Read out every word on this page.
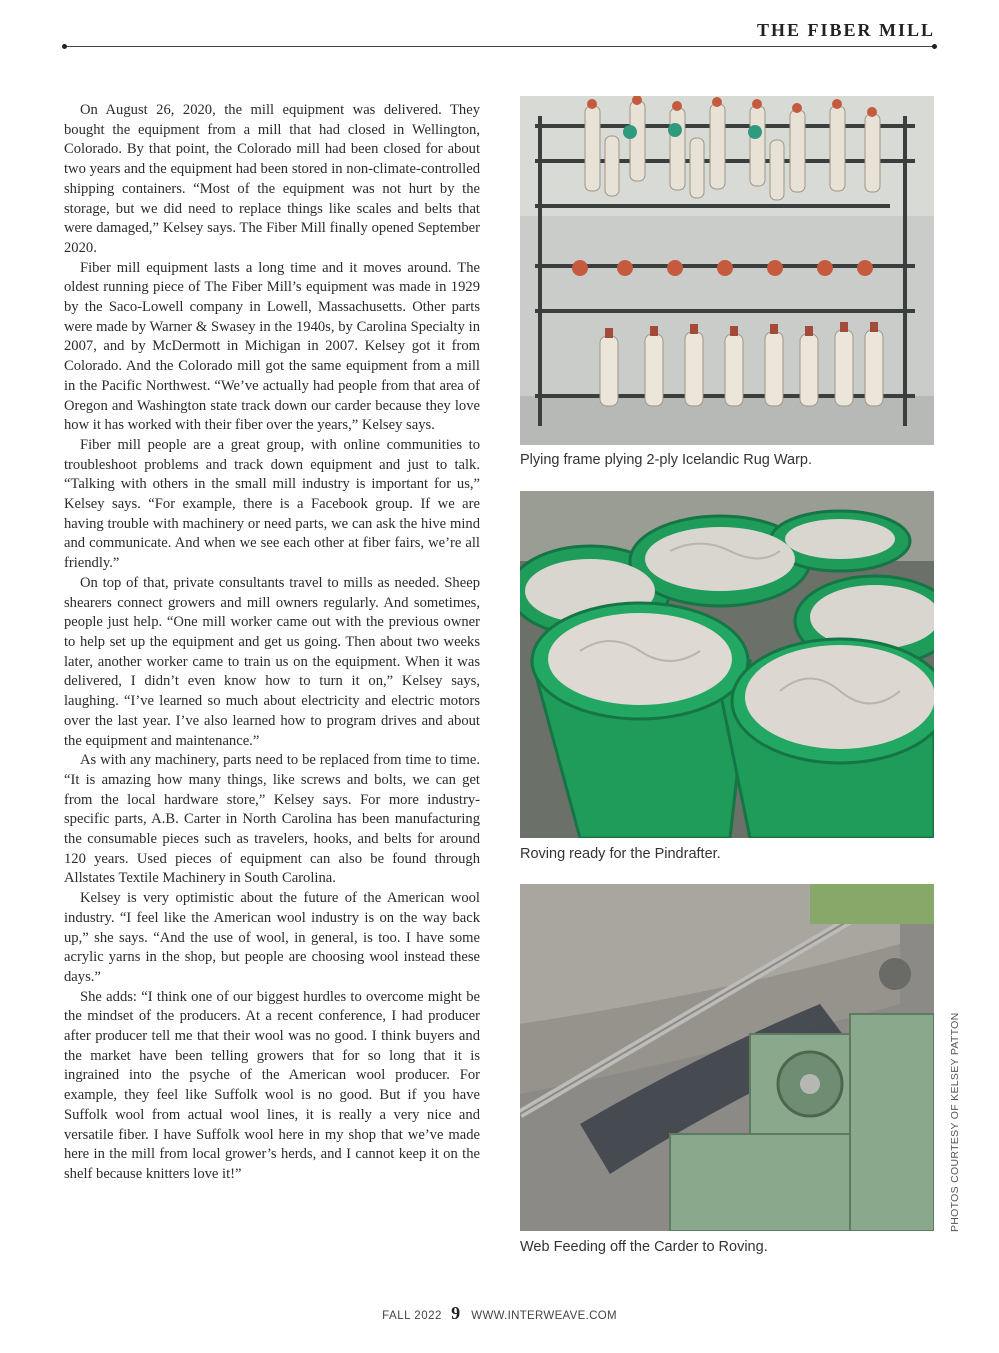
THE FIBER MILL

On August 26, 2020, the mill equipment was delivered. They bought the equipment from a mill that had closed in Wellington, Colorado. By that point, the Colorado mill had been closed for about two years and the equipment had been stored in non-climate-controlled shipping containers. “Most of the equipment was not hurt by the storage, but we did need to replace things like scales and belts that were damaged,” Kelsey says. The Fiber Mill finally opened September 2020.

Fiber mill equipment lasts a long time and it moves around. The oldest running piece of The Fiber Mill’s equipment was made in 1929 by the Saco-Lowell company in Lowell, Massachusetts. Other parts were made by Warner & Swasey in the 1940s, by Carolina Specialty in 2007, and by McDermott in Michigan in 2007. Kelsey got it from Colorado. And the Colorado mill got the same equipment from a mill in the Pacific Northwest. “We’ve actually had people from that area of Oregon and Washington state track down our carder because they love how it has worked with their fiber over the years,” Kelsey says.

Fiber mill people are a great group, with online communities to troubleshoot problems and track down equipment and just to talk. “Talking with others in the small mill industry is important for us,” Kelsey says. “For example, there is a Facebook group. If we are having trouble with machinery or need parts, we can ask the hive mind and communicate. And when we see each other at fiber fairs, we’re all friendly.”

On top of that, private consultants travel to mills as needed. Sheep shearers connect growers and mill owners regularly. And sometimes, people just help. “One mill worker came out with the previous owner to help set up the equipment and get us going. Then about two weeks later, another worker came to train us on the equipment. When it was delivered, I didn’t even know how to turn it on,” Kelsey says, laughing. “I’ve learned so much about electricity and electric motors over the last year. I’ve also learned how to program drives and about the equipment and maintenance.”

As with any machinery, parts need to be replaced from time to time. “It is amazing how many things, like screws and bolts, we can get from the local hardware store,” Kelsey says. For more industry-specific parts, A.B. Carter in North Carolina has been manufacturing the consumable pieces such as travelers, hooks, and belts for around 120 years. Used pieces of equipment can also be found through Allstates Textile Machinery in South Carolina.

Kelsey is very optimistic about the future of the American wool industry. “I feel like the American wool industry is on the way back up,” she says. “And the use of wool, in general, is too. I have some acrylic yarns in the shop, but people are choosing wool instead these days.”

She adds: “I think one of our biggest hurdles to overcome might be the mindset of the producers. At a recent conference, I had producer after producer tell me that their wool was no good. I think buyers and the market have been telling growers that for so long that it is ingrained into the psyche of the American wool producer. For example, they feel like Suffolk wool is no good. But if you have Suffolk wool from actual wool lines, it is really a very nice and versatile fiber. I have Suffolk wool here in my shop that we’ve made here in the mill from local grower’s herds, and I cannot keep it on the shelf because knitters love it!”

Plying frame plying 2-ply Icelandic Rug Warp.
Roving ready for the Pindrafter.
Web Feeding off the Carder to Roving.
PHOTOS COURTESY OF KELSEY PATTON
FALL 2022 9 WWW.INTERWEAVE.COM
